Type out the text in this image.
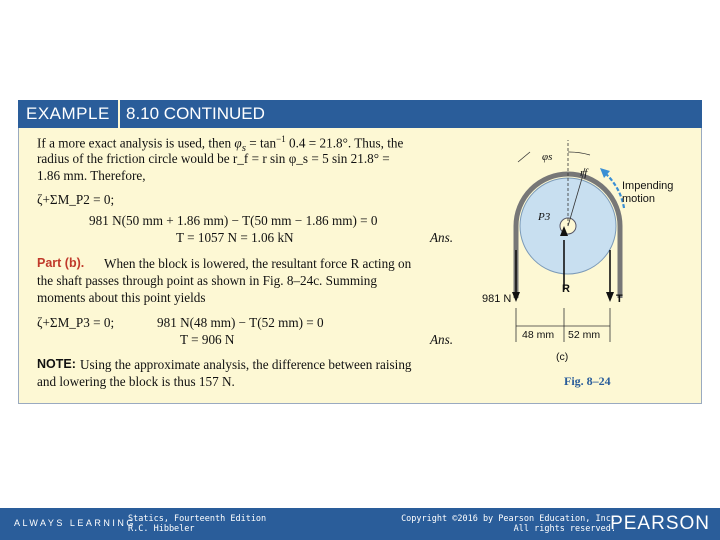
EXAMPLE 8.10 CONTINUED
If a more exact analysis is used, then $\varphi_s = \tan^{-1} 0.4 = 21.8^\circ$. Thus, the
radius of the friction circle would be r_f = r sin φ_s = 5 sin 21.8° =
1.86 mm. Therefore,
ζ+ΣM_P2 = 0;
981 N(50 mm + 1.86 mm) − T(50 mm − 1.86 mm) = 0
T = 1057 N = 1.06 kN	Ans.
Part (b). When the block is lowered, the resultant force R acting on
the shaft passes through point as shown in Fig. 8–24c. Summing
moments about this point yields
ζ+ΣM_P3 = 0;	981 N(48 mm) − T(52 mm) = 0
T = 906 N	Ans.
NOTE: Using the approximate analysis, the difference between raising
and lowering the block is thus 157 N.
φs
rf
Impending
motion
P3
981 N
R
T
48 mm 52 mm
(c)
Fig. 8–24
ALWAYS LEARNING
Statics, Fourteenth Edition
R.C. Hibbeler
Copyright ©2016 by Pearson Education, Inc.
All rights reserved.
PEARSON
